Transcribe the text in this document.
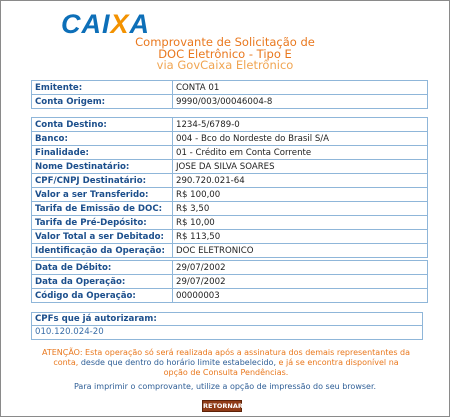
CAIXA
Comprovante de Solicitação de
DOC Eletrônico - Tipo E
via GovCaixa Eletrônico
Emitente:	CONTA 01
Conta Origem:	9990/003/00046004-8
Conta Destino:	1234-5/6789-0
Banco:	004 - Bco do Nordeste do Brasil S/A
Finalidade:	01 - Crédito em Conta Corrente
Nome Destinatário:	JOSE DA SILVA SOARES
CPF/CNPJ Destinatário:	290.720.021-64
Valor a ser Transferido:	R$ 100,00
Tarifa de Emissão de DOC:	R$ 3,50
Tarifa de Pré-Depósito:	R$ 10,00
Valor Total a ser Debitado:	R$ 113,50
Identificação da Operação:	DOC ELETRONICO
Data de Débito:	29/07/2002
Data da Operação:	29/07/2002
Código da Operação:	00000003
CPFs que já autorizaram:
010.120.024-20
ATENÇÃO: Esta operação só será realizada após a assinatura dos demais representantes da conta, desde que dentro do horário limite estabelecido, e já se encontra disponível na opção de Consulta Pendências.
Para imprimir o comprovante, utilize a opção de impressão do seu browser.
RETORNAR
